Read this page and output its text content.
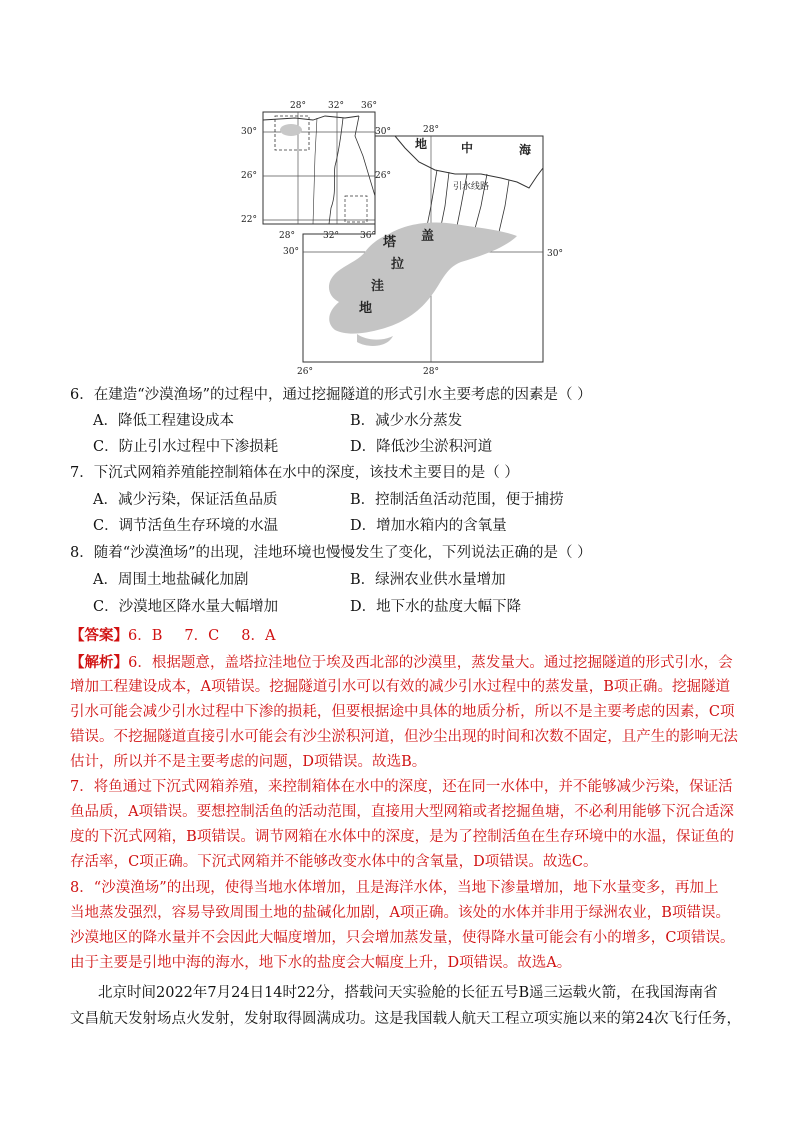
28° 32° 36°
30°
26°
22°
30°
26°
28°	32° 36°
28°
30°
30°
26°	28°
地	中	海
引水线路
塔 盖
拉
洼
地
6．在建造“沙漠渔场”的过程中，通过挖掘隧道的形式引水主要考虑的因素是（ ）
A．降低工程建设成本	B．减少水分蒸发
C．防止引水过程中下渗损耗	D．降低沙尘淤积河道
7．下沉式网箱养殖能控制箱体在水中的深度，该技术主要目的是（ ）
A．减少污染，保证活鱼品质	B．控制活鱼活动范围，便于捕捞
C．调节活鱼生存环境的水温	D．增加水箱内的含氧量
8．随着“沙漠渔场”的出现，洼地环境也慢慢发生了变化，下列说法正确的是（ ）
A．周围土地盐碱化加剧	B．绿洲农业供水量增加
C．沙漠地区降水量大幅增加	D．地下水的盐度大幅下降
【答案】6．B 7．C 8．A
【解析】6．根据题意，盖塔拉洼地位于埃及西北部的沙漠里，蒸发量大。通过挖掘隧道的形式引水，会
增加工程建设成本，A项错误。挖掘隧道引水可以有效的减少引水过程中的蒸发量，B项正确。挖掘隧道
引水可能会减少引水过程中下渗的损耗，但要根据途中具体的地质分析，所以不是主要考虑的因素，C项
错误。不挖掘隧道直接引水可能会有沙尘淤积河道，但沙尘出现的时间和次数不固定，且产生的影响无法
估计，所以并不是主要考虑的问题，D项错误。故选B。
7．将鱼通过下沉式网箱养殖，来控制箱体在水中的深度，还在同一水体中，并不能够减少污染，保证活
鱼品质，A项错误。要想控制活鱼的活动范围，直接用大型网箱或者挖掘鱼塘，不必利用能够下沉合适深
度的下沉式网箱，B项错误。调节网箱在水体中的深度，是为了控制活鱼在生存环境中的水温，保证鱼的
存活率，C项正确。下沉式网箱并不能够改变水体中的含氧量，D项错误。故选C。
8．“沙漠渔场”的出现，使得当地水体增加，且是海洋水体，当地下渗量增加，地下水量变多，再加上
当地蒸发强烈，容易导致周围土地的盐碱化加剧，A项正确。该处的水体并非用于绿洲农业，B项错误。
沙漠地区的降水量并不会因此大幅度增加，只会增加蒸发量，使得降水量可能会有小的增多，C项错误。
由于主要是引地中海的海水，地下水的盐度会大幅度上升，D项错误。故选A。
北京时间2022年7月24日14时22分，搭载问天实验舱的长征五号B遥三运载火箭，在我国海南省
文昌航天发射场点火发射，发射取得圆满成功。这是我国载人航天工程立项实施以来的第24次飞行任务，
